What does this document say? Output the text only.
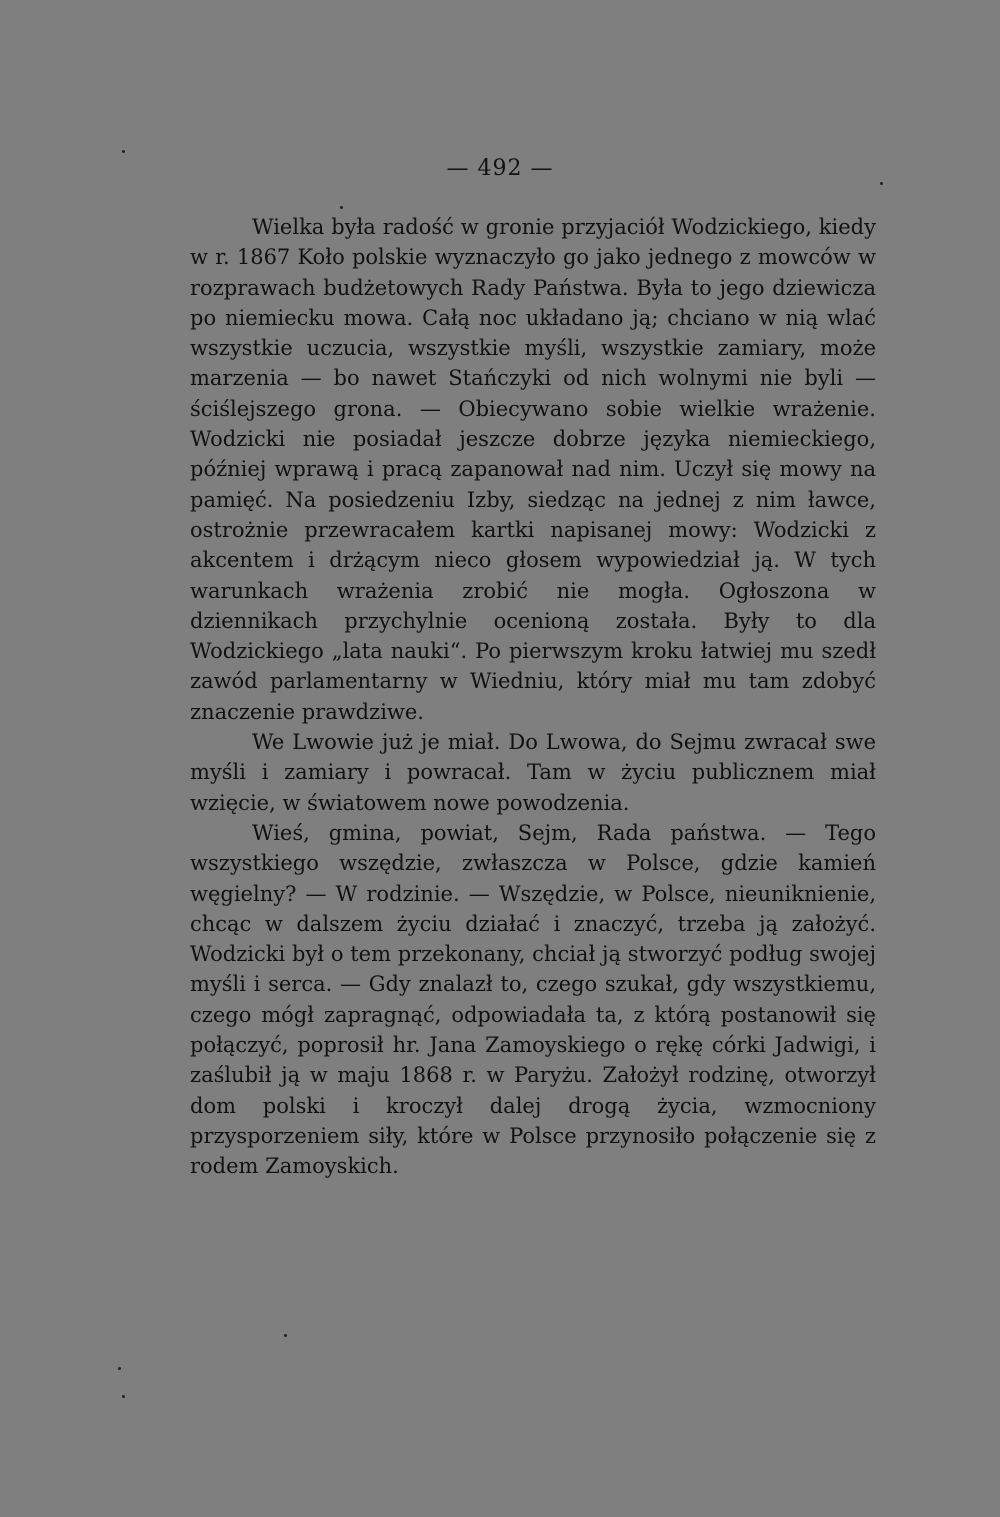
— 492 —

Wielka była radość w gronie przyjaciół Wodzickiego, kiedy w r. 1867 Koło polskie wyznaczyło go jako jednego z mowców w rozprawach budżetowych Rady Państwa. Była to jego dziewicza po niemiecku mowa. Całą noc układano ją; chciano w nią wlać wszystkie uczucia, wszystkie myśli, wszystkie zamiary, może marzenia — bo nawet Stańczyki od nich wolnymi nie byli — ściślejszego grona. — Obiecywano sobie wielkie wrażenie. Wodzicki nie posiadał jeszcze dobrze języka niemieckiego, później wprawą i pracą zapanował nad nim. Uczył się mowy na pamięć. Na posiedzeniu Izby, siedząc na jednej z nim ławce, ostrożnie przewracałem kartki napisanej mowy: Wodzicki z akcentem i drżącym nieco głosem wypowiedział ją. W tych warunkach wrażenia zrobić nie mogła. Ogłoszona w dziennikach przychylnie ocenioną została. Były to dla Wodzickiego „lata nauki“. Po pierwszym kroku łatwiej mu szedł zawód parlamentarny w Wiedniu, który miał mu tam zdobyć znaczenie prawdziwe.

We Lwowie już je miał. Do Lwowa, do Sejmu zwracał swe myśli i zamiary i powracał. Tam w życiu publicznem miał wzięcie, w światowem nowe powodzenia.

Wieś, gmina, powiat, Sejm, Rada państwa. — Tego wszystkiego wszędzie, zwłaszcza w Polsce, gdzie kamień węgielny? — W rodzinie. — Wszędzie, w Polsce, nieuniknienie, chcąc w dalszem życiu działać i znaczyć, trzeba ją założyć. Wodzicki był o tem przekonany, chciał ją stworzyć podług swojej myśli i serca. — Gdy znalazł to, czego szukał, gdy wszystkiemu, czego mógł zapragnąć, odpowiadała ta, z którą postanowił się połączyć, poprosił hr. Jana Zamoyskiego o rękę córki Jadwigi, i zaślubił ją w maju 1868 r. w Paryżu. Założył rodzinę, otworzył dom polski i kroczył dalej drogą życia, wzmocniony przysporzeniem siły, które w Polsce przynosiło połączenie się z rodem Zamoyskich.
